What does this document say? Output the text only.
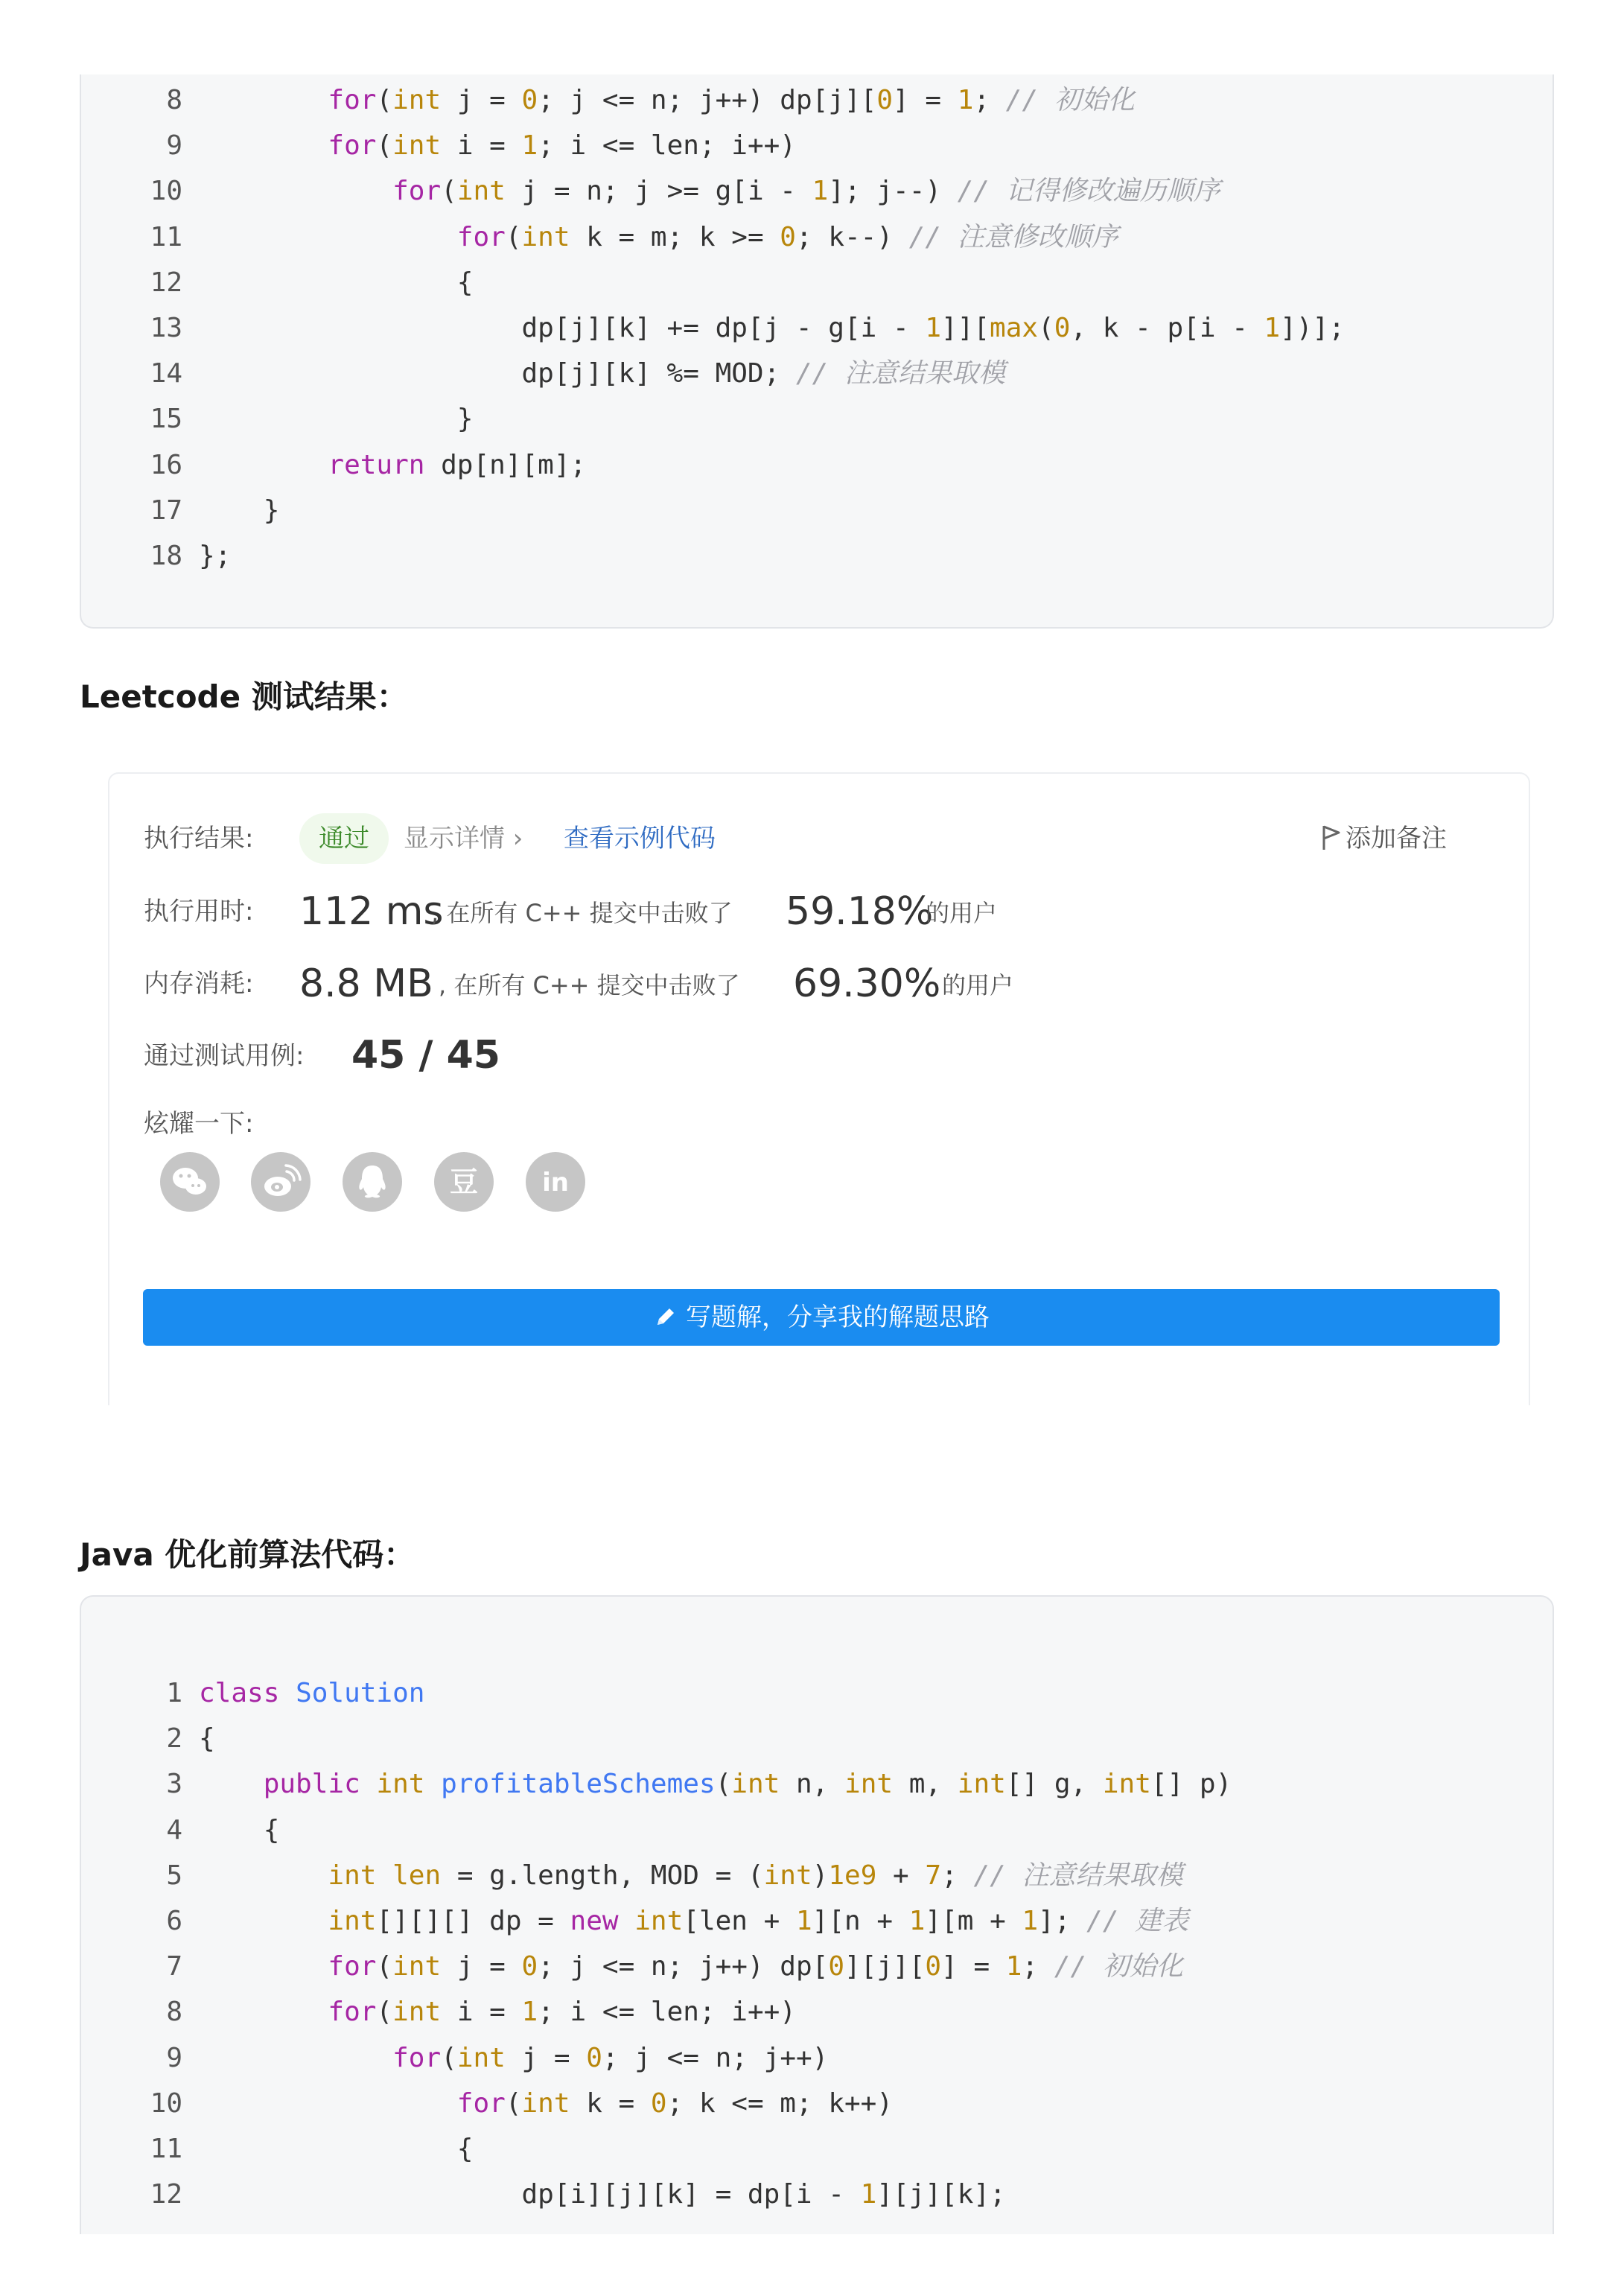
8	for(int j = 0; j <= n; j++) dp[j][0] = 1; // 初始化
9	for(int i = 1; i <= len; i++)
10	for(int j = n; j >= g[i - 1]; j--) // 记得修改遍历顺序
11	for(int k = m; k >= 0; k--) // 注意修改顺序
12 {
13 dp[j][k] += dp[j - g[i - 1]][max(0, k - p[i - 1])];
14 dp[j][k] %= MOD; // 注意结果取模
15 }
16	return dp[n][m];
17 }
18 };
Leetcode 测试结果：
执行结果:	通过	显示详情 › 查看示例代码	添加备注
执行用时: 112 ms
, 在所有 C++ 提交中击败了 59.18%
的用户
内存消耗: 8.8 MB , 在所有 C++ 提交中击败了 69.30% 的用户
通过测试用例: 45 / 45
炫耀一下:
豆	in
写题解，分享我的解题思路
Java 优化前算法代码：
1 class Solution
2 {
3	public int profitableSchemes(int n, int m, int[] g, int[] p)
4 {
5	int len = g.length, MOD = (int)1e9 + 7; // 注意结果取模
6	int[][][] dp = new int[len + 1][n + 1][m + 1]; // 建表
7	for(int j = 0; j <= n; j++) dp[0][j][0] = 1; // 初始化
8	for(int i = 1; i <= len; i++)
9	for(int j = 0; j <= n; j++)
10	for(int k = 0; k <= m; k++)
11 {
12 dp[i][j][k] = dp[i - 1][j][k];
